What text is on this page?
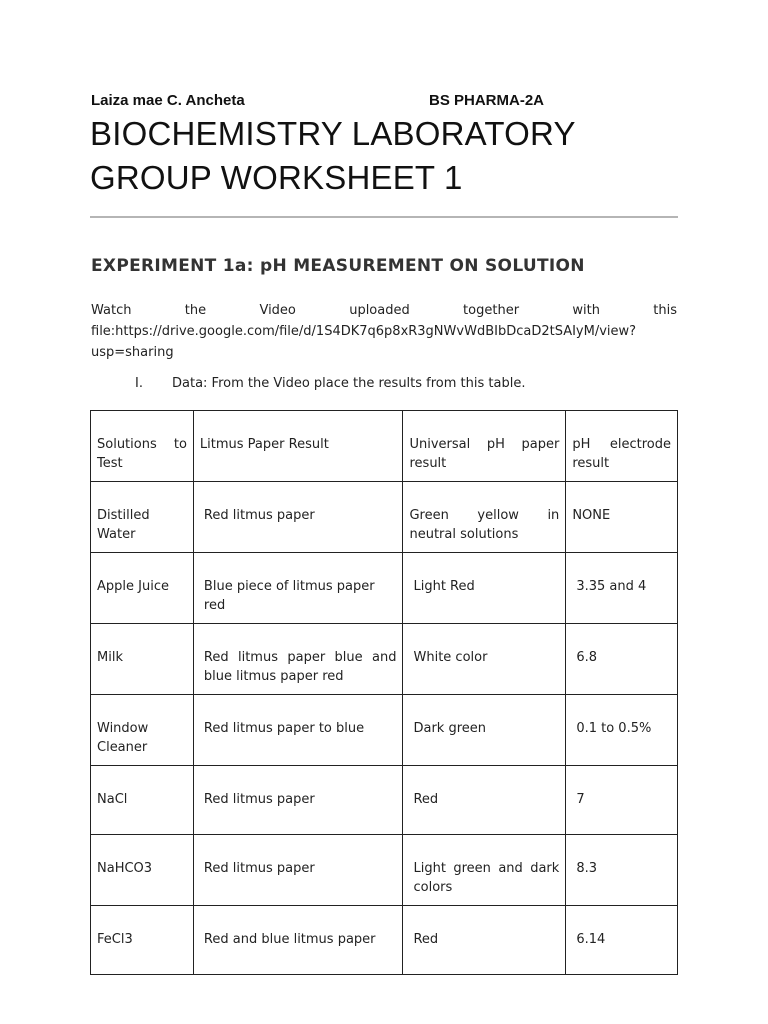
Laiza mae C. Ancheta	BS PHARMA-2A
BIOCHEMISTRY LABORATORY
GROUP WORKSHEET 1
EXPERIMENT 1a: pH MEASUREMENT ON SOLUTION
Watch the Video uploaded together with this
file:https://drive.google.com/file/d/1S4DK7q6p8xR3gNWvWdBIbDcaD2tSAIyM/view?
usp=sharing
I. Data: From the Video place the results from this table.
Solutions to Test	Litmus Paper Result	Universal pH paper result	pH electrode result
Distilled Water	Red litmus paper	Green yellow in neutral solutions	NONE
Apple Juice	Blue piece of litmus paper red	Light Red	3.35 and 4
Milk	Red litmus paper blue and blue litmus paper red	White color	6.8
Window Cleaner	Red litmus paper to blue	Dark green	0.1 to 0.5%
NaCl	Red litmus paper	Red	7
NaHCO3	Red litmus paper	Light green and dark colors	8.3
FeCl3	Red and blue litmus paper	Red	6.14
